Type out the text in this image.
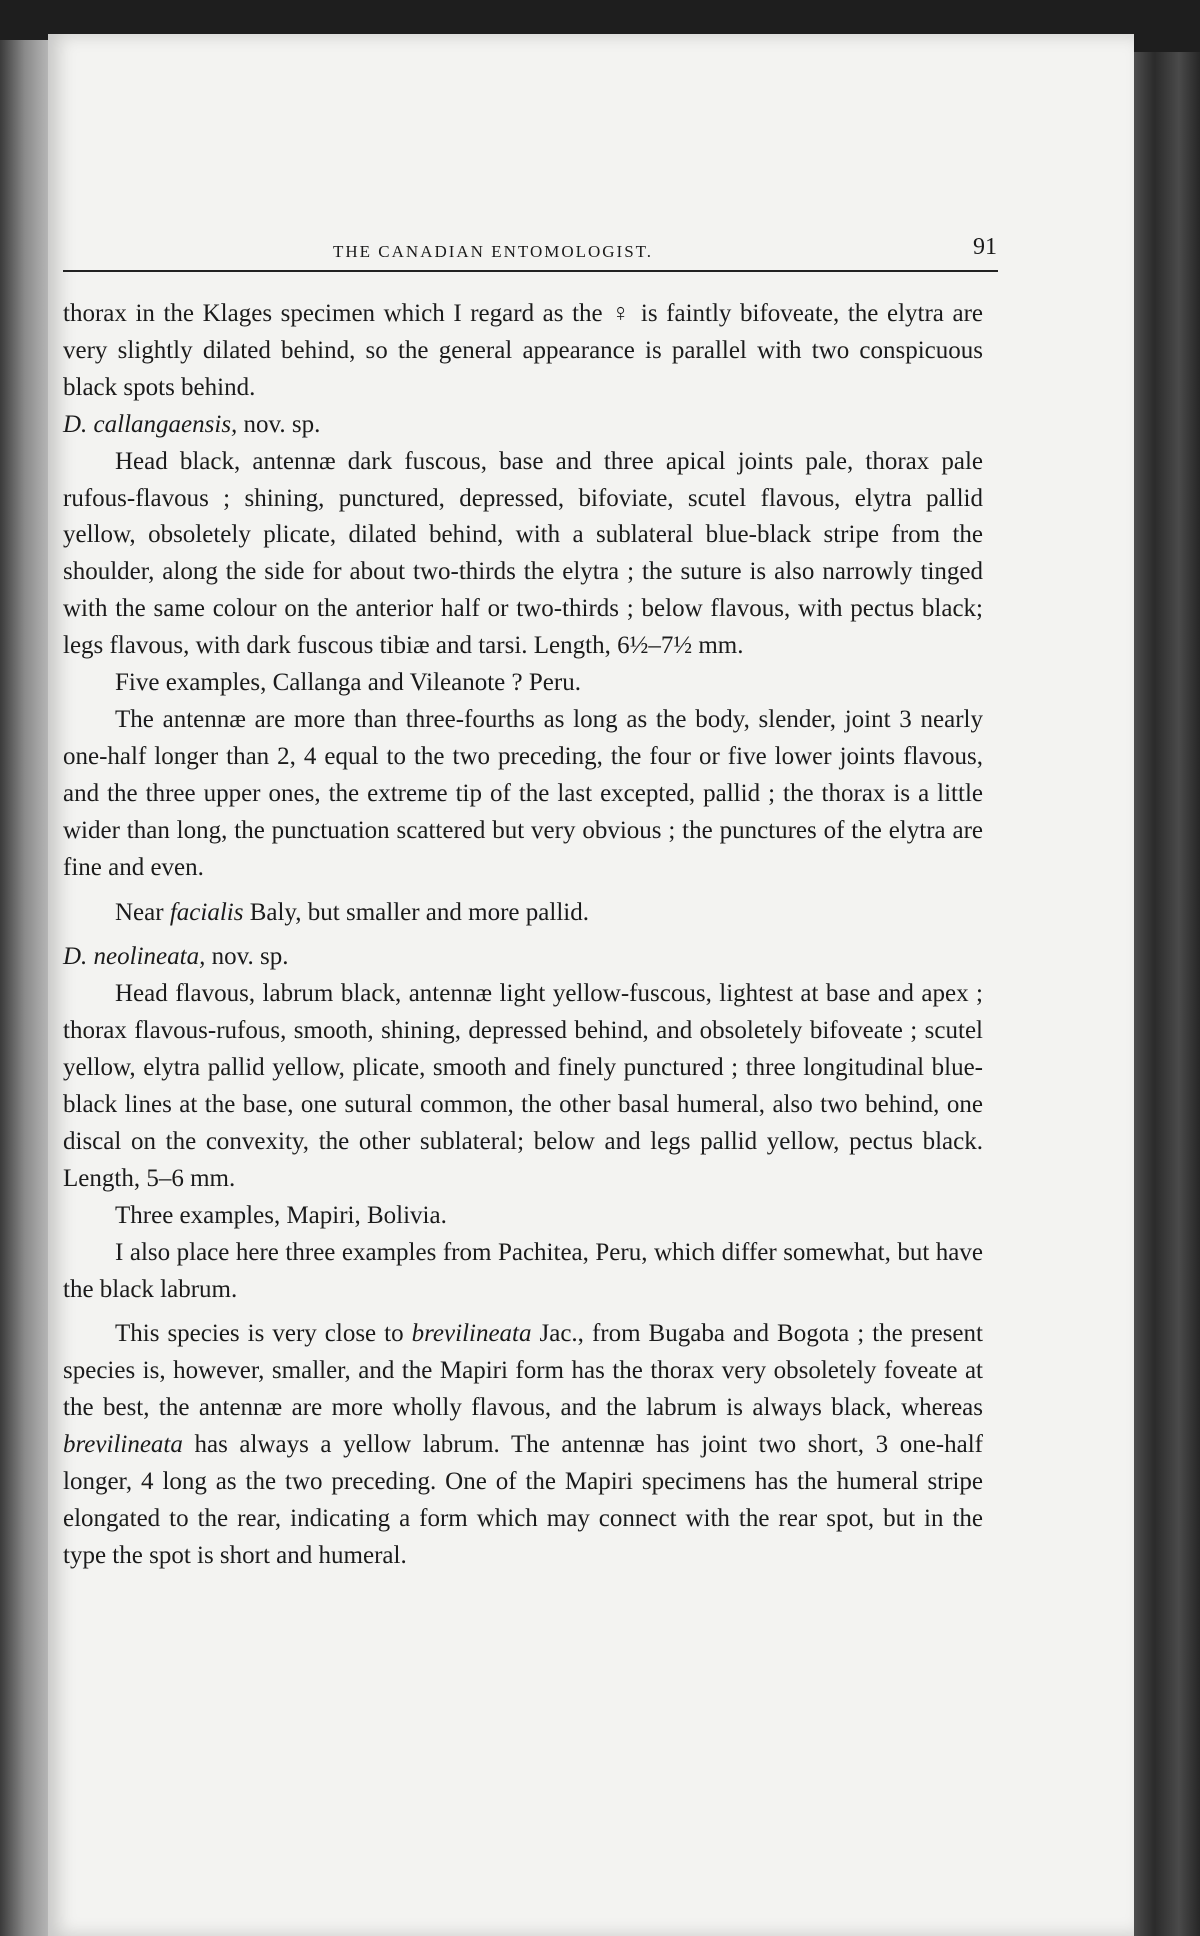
THE CANADIAN ENTOMOLOGIST.	91

thorax in the Klages specimen which I regard as the ♀ is faintly bifoveate, the elytra are very slightly dilated behind, so the general appearance is parallel with two conspicuous black spots behind.

D. callangaensis, nov. sp.

Head black, antennæ dark fuscous, base and three apical joints pale, thorax pale rufous-flavous ; shining, punctured, depressed, bifoviate, scutel flavous, elytra pallid yellow, obsoletely plicate, dilated behind, with a sublateral blue-black stripe from the shoulder, along the side for about two-thirds the elytra ; the suture is also narrowly tinged with the same colour on the anterior half or two-thirds ; below flavous, with pectus black; legs flavous, with dark fuscous tibiæ and tarsi. Length, 6½–7½ mm.

Five examples, Callanga and Vileanote ? Peru.

The antennæ are more than three-fourths as long as the body, slender, joint 3 nearly one-half longer than 2, 4 equal to the two preceding, the four or five lower joints flavous, and the three upper ones, the extreme tip of the last excepted, pallid ; the thorax is a little wider than long, the punctuation scattered but very obvious ; the punctures of the elytra are fine and even.

Near facialis Baly, but smaller and more pallid.

D. neolineata, nov. sp.

Head flavous, labrum black, antennæ light yellow-fuscous, lightest at base and apex ; thorax flavous-rufous, smooth, shining, depressed behind, and obsoletely bifoveate ; scutel yellow, elytra pallid yellow, plicate, smooth and finely punctured ; three longitudinal blue-black lines at the base, one sutural common, the other basal humeral, also two behind, one discal on the convexity, the other sublateral; below and legs pallid yellow, pectus black. Length, 5–6 mm.

Three examples, Mapiri, Bolivia.

I also place here three examples from Pachitea, Peru, which differ somewhat, but have the black labrum.

This species is very close to brevilineata Jac., from Bugaba and Bogota ; the present species is, however, smaller, and the Mapiri form has the thorax very obsoletely foveate at the best, the antennæ are more wholly flavous, and the labrum is always black, whereas brevilineata has always a yellow labrum. The antennæ has joint two short, 3 one-half longer, 4 long as the two preceding. One of the Mapiri specimens has the humeral stripe elongated to the rear, indicating a form which may connect with the rear spot, but in the type the spot is short and humeral.
